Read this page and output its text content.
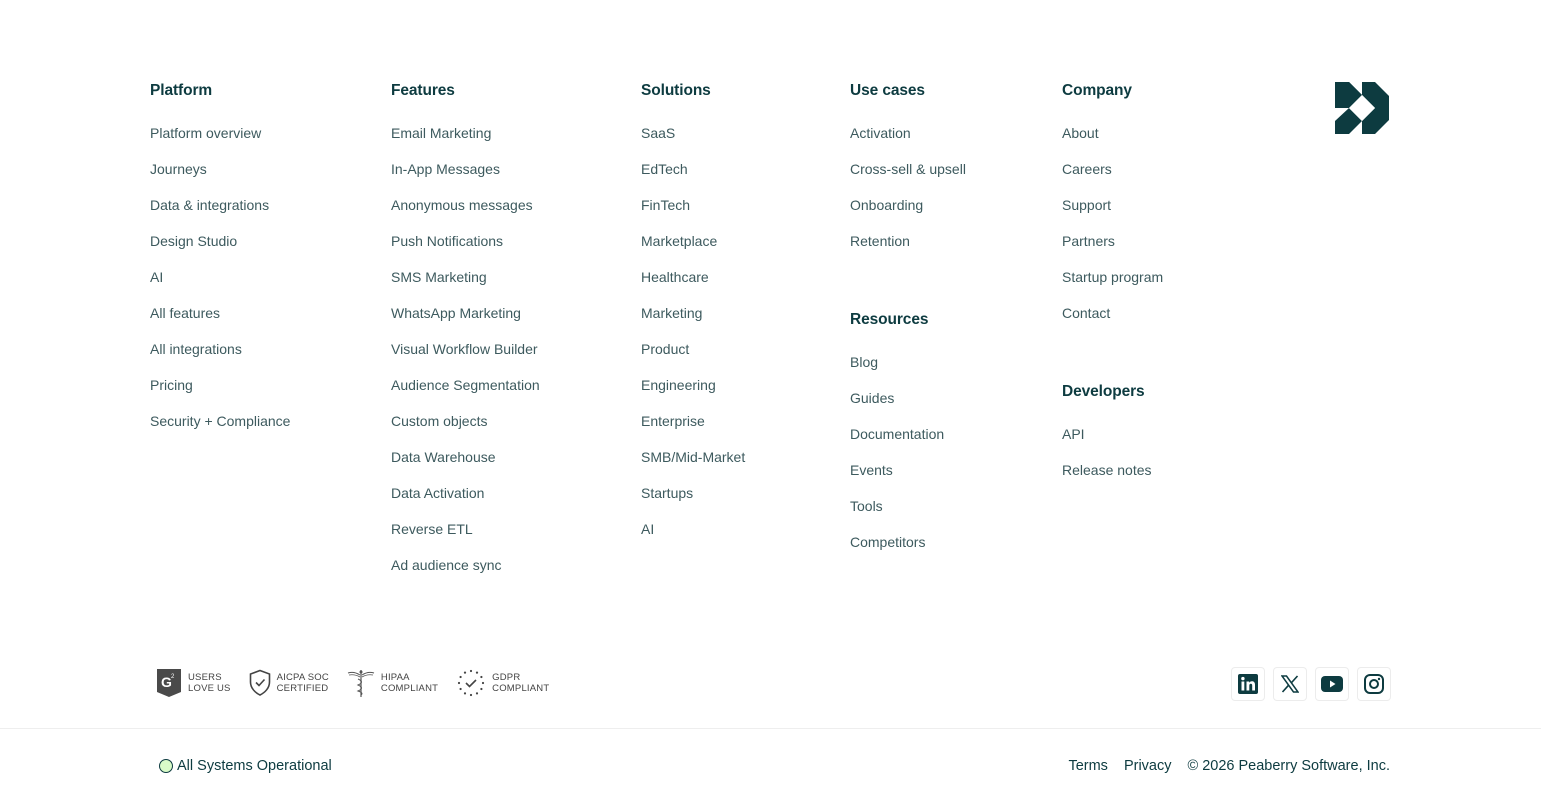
Platform
Platform overview
Journeys
Data & integrations
Design Studio
AI
All features
All integrations
Pricing
Security + Compliance
Features
Email Marketing
In-App Messages
Anonymous messages
Push Notifications
SMS Marketing
WhatsApp Marketing
Visual Workflow Builder
Audience Segmentation
Custom objects
Data Warehouse
Data Activation
Reverse ETL
Ad audience sync
Solutions
SaaS
EdTech
FinTech
Marketplace
Healthcare
Marketing
Product
Engineering
Enterprise
SMB/Mid-Market
Startups
AI
Use cases
Activation
Cross-sell & upsell
Onboarding
Retention
Resources
Blog
Guides
Documentation
Events
Tools
Competitors
Company
About
Careers
Support
Partners
Startup program
Contact
Developers
API
Release notes
G 2 USERS
LOVE US
AICPA SOC
CERTIFIED
HIPAA
COMPLIANT
GDPR
COMPLIANT
All Systems Operational	Terms Privacy © 2026 Peaberry Software, Inc.
